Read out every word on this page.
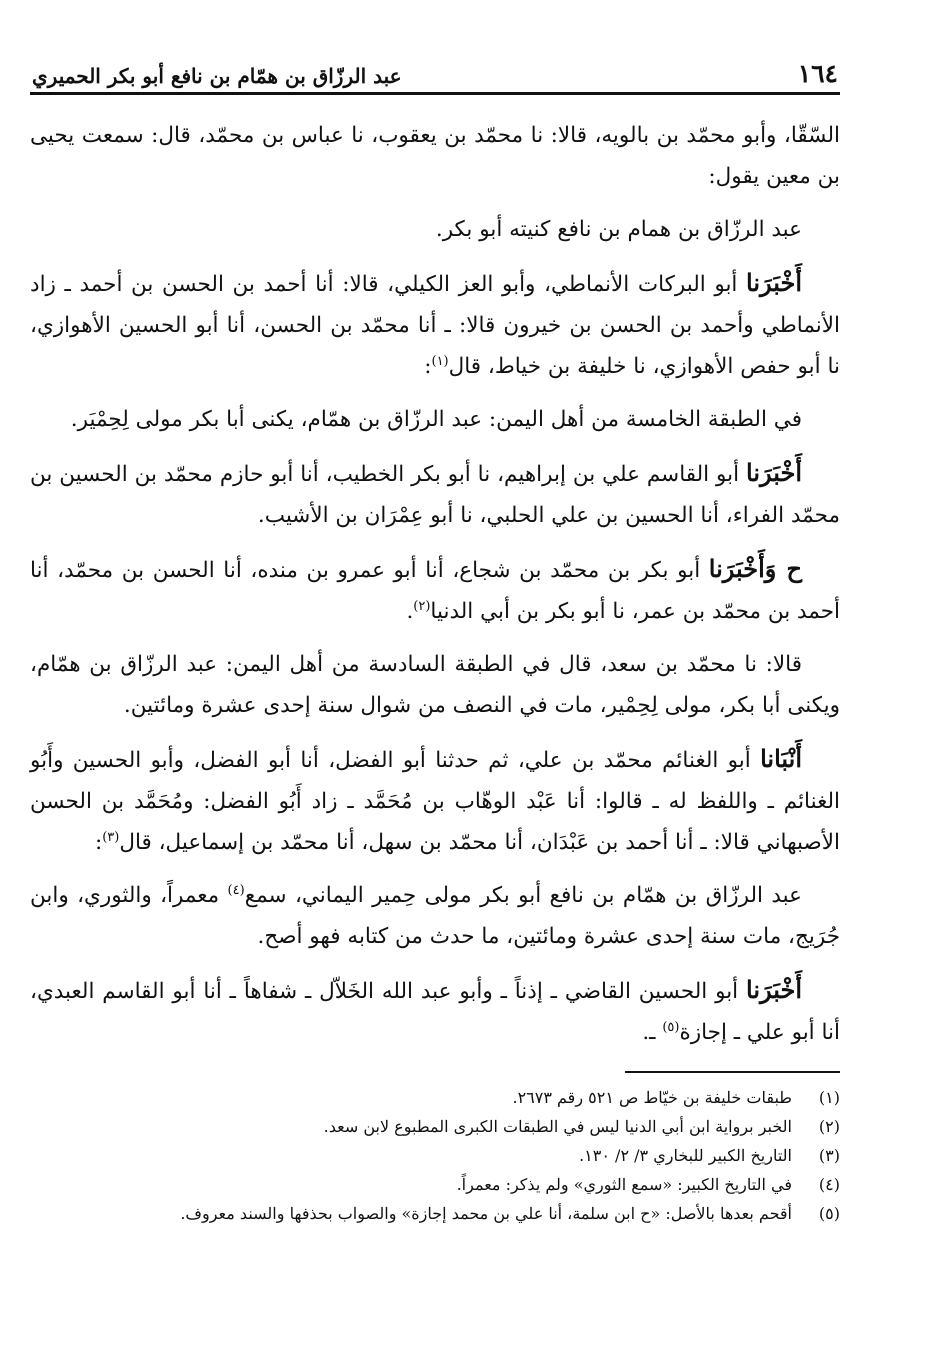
١٦٤
عبد الرزّاق بن همّام بن نافع أبو بكر الحميري

السّقّا، وأبو محمّد بن بالويه، قالا: نا محمّد بن يعقوب، نا عباس بن محمّد، قال: سمعت يحيى بن معين يقول:

عبد الرزّاق بن همام بن نافع كنيته أبو بكر.

أَخْبَرَنا أبو البركات الأنماطي، وأبو العز الكيلي، قالا: أنا أحمد بن الحسن بن أحمد ـ زاد الأنماطي وأحمد بن الحسن بن خيرون قالا: ـ أنا محمّد بن الحسن، أنا أبو الحسين الأهوازي، نا أبو حفص الأهوازي، نا خليفة بن خياط، قال$^{(١)}$:

في الطبقة الخامسة من أهل اليمن: عبد الرزّاق بن همّام، يكنى أبا بكر مولى لِحِمْيَر.

أَخْبَرَنا أبو القاسم علي بن إبراهيم، نا أبو بكر الخطيب، أنا أبو حازم محمّد بن الحسين بن محمّد الفراء، أنا الحسين بن علي الحلبي، نا أبو عِمْرَان بن الأشيب.

ح وَأَخْبَرَنا أبو بكر بن محمّد بن شجاع، أنا أبو عمرو بن منده، أنا الحسن بن محمّد، أنا أحمد بن محمّد بن عمر، نا أبو بكر بن أبي الدنيا$^{(٢)}$.

قالا: نا محمّد بن سعد، قال في الطبقة السادسة من أهل اليمن: عبد الرزّاق بن همّام، ويكنى أبا بكر، مولى لِحِمْير، مات في النصف من شوال سنة إحدى عشرة ومائتين.

أَنْبَانا أبو الغنائم محمّد بن علي، ثم حدثنا أبو الفضل، أنا أبو الفضل، وأبو الحسين وأَبُو الغنائم ـ واللفظ له ـ قالوا: أنا عَبْد الوهّاب بن مُحَمَّد ـ زاد أَبُو الفضل: ومُحَمَّد بن الحسن الأصبهاني قالا: ـ أنا أحمد بن عَبْدَان، أنا محمّد بن سهل، أنا محمّد بن إسماعيل، قال$^{(٣)}$:

عبد الرزّاق بن همّام بن نافع أبو بكر مولى حِمير اليماني، سمع$^{(٤)}$ معمراً، والثوري، وابن جُرَيج، مات سنة إحدى عشرة ومائتين، ما حدث من كتابه فهو أصح.

أَخْبَرَنا أبو الحسين القاضي ـ إذناً ـ وأبو عبد الله الخَلاّل ـ شفاهاً ـ أنا أبو القاسم العبدي، أنا أبو علي ـ إجازة$^{(٥)}$ ـ.

(١)
طبقات خليفة بن خيّاط ص ٥٢١ رقم ٢٦٧٣.
(٢)
الخبر برواية ابن أبي الدنيا ليس في الطبقات الكبرى المطبوع لابن سعد.
(٣)
التاريخ الكبير للبخاري ٣/ ٢/ ١٣٠.
(٤)
في التاريخ الكبير: «سمع الثوري» ولم يذكر: معمراً.
(٥)
أقحم بعدها بالأصل: «ح ابن سلمة، أنا علي بن محمد إجازة» والصواب بحذفها والسند معروف.
